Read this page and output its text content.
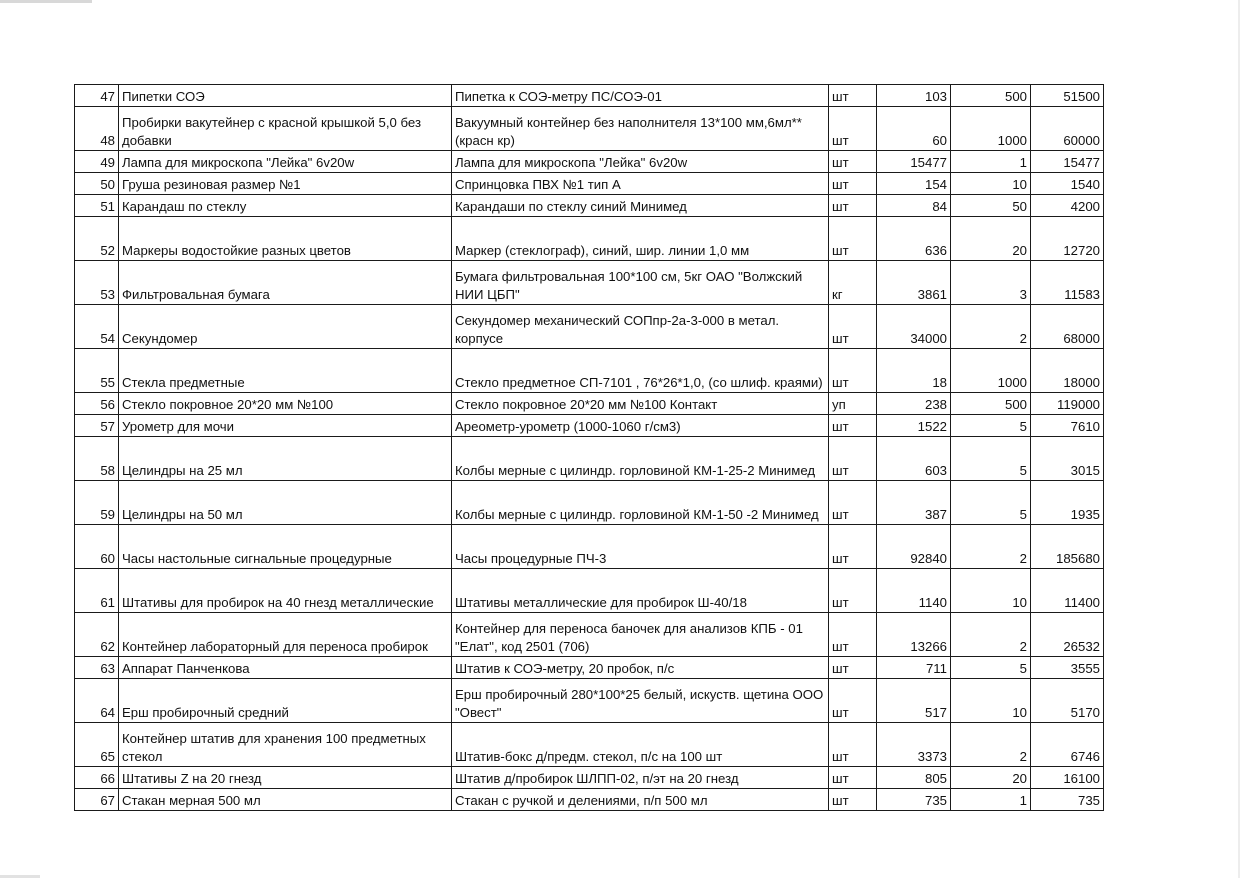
47	Пипетки СОЭ	Пипетка к СОЭ-метру ПС/СОЭ-01	шт	103	500	51500

48	Пробирки вакутейнер с красной крышкой 5,0 без добавки	Вакуумный контейнер без наполнителя 13*100 мм,6мл** (красн кр)	шт	60	1000	60000

49	Лампа для микроскопа "Лейка" 6v20w	Лампа для микроскопа "Лейка" 6v20w	шт	15477	1	15477

50	Груша резиновая размер №1	Спринцовка ПВХ №1 тип А	шт	154	10	1540

51	Карандаш по стеклу	Карандаши по стеклу синий Минимед	шт	84	50	4200

52	Маркеры водостойкие разных цветов	Маркер (стеклограф), синий, шир. линии 1,0 мм	шт	636	20	12720

53	Фильтровальная бумага	Бумага фильтровальная 100*100 см, 5кг ОАО "Волжский НИИ ЦБП"	кг	3861	3	11583

54	Секундомер	Секундомер механический СОПпр-2а-3-000 в метал. корпусе	шт	34000	2	68000

55	Стекла предметные	Стекло предметное СП-7101 , 76*26*1,0, (со шлиф. краями)	шт	18	1000	18000

56	Стекло покровное 20*20 мм №100	Стекло покровное 20*20 мм №100 Контакт	уп	238	500	119000

57	Урометр для мочи	Ареометр-урометр (1000-1060 г/см3)	шт	1522	5	7610

58	Целиндры на 25 мл	Колбы мерные с цилиндр. горловиной КМ-1-25-2 Минимед	шт	603	5	3015

59	Целиндры на 50 мл	Колбы мерные с цилиндр. горловиной КМ-1-50 -2 Минимед	шт	387	5	1935

60	Часы настольные сигнальные процедурные	Часы процедурные ПЧ-3	шт	92840	2	185680

61	Штативы для пробирок на 40 гнезд металлические	Штативы металлические для пробирок Ш-40/18	шт	1140	10	11400

62	Контейнер лабораторный для переноса пробирок	Контейнер для переноса баночек для анализов КПБ - 01 "Елат", код 2501 (706)	шт	13266	2	26532

63	Аппарат Панченкова	Штатив к СОЭ-метру, 20 пробок, п/с	шт	711	5	3555

64	Ерш пробирочный средний	Ерш пробирочный 280*100*25 белый, искуств. щетина ООО "Овест"	шт	517	10	5170

65	Контейнер штатив для хранения 100 предметных стекол	Штатив-бокс д/предм. стекол, п/с на 100 шт	шт	3373	2	6746

66	Штативы Z на 20 гнезд	Штатив д/пробирок ШЛПП-02, п/эт на 20 гнезд	шт	805	20	16100

67	Стакан мерная 500 мл	Стакан с ручкой и делениями, п/п 500 мл	шт	735	1	735
